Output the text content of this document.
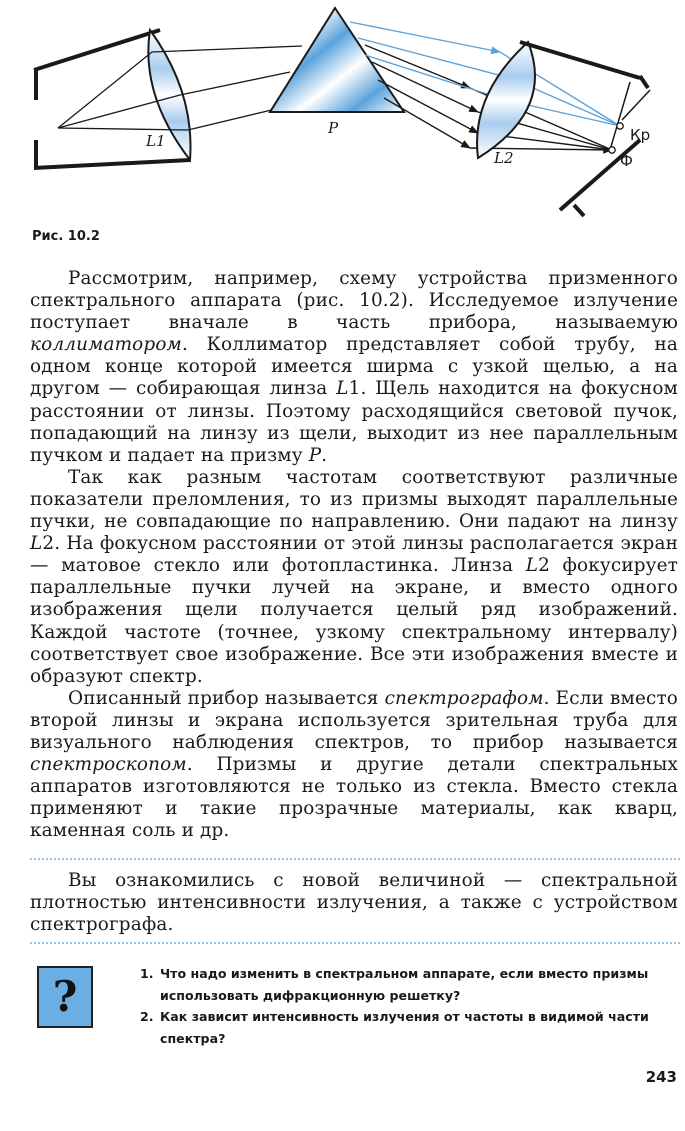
L1
P
L2
Кр
Ф
Рис. 10.2

Рассмотрим, например, схему устройства призменного спектрального аппарата (рис. 10.2). Исследуемое излучение поступает вначале в часть прибора, называемую коллиматором. Коллиматор представляет собой трубу, на одном конце которой имеется ширма с узкой щелью, а на другом — собирающая линза L1. Щель находится на фокусном расстоянии от линзы. Поэтому расходящийся световой пучок, попадающий на линзу из щели, выходит из нее параллельным пучком и падает на призму P.

Так как разным частотам соответствуют различные показатели преломления, то из призмы выходят параллельные пучки, не совпадающие по направлению. Они падают на линзу L2. На фокусном расстоянии от этой линзы располагается экран — матовое стекло или фотопластинка. Линза L2 фокусирует параллельные пучки лучей на экране, и вместо одного изображения щели получается целый ряд изображений. Каждой частоте (точнее, узкому спектральному интервалу) соответствует свое изображение. Все эти изображения вместе и образуют спектр.

Описанный прибор называется спектрографом. Если вместо второй линзы и экрана используется зрительная труба для визуального наблюдения спектров, то прибор называется спектроскопом. Призмы и другие детали спектральных аппаратов изготовляются не только из стекла. Вместо стекла применяют и такие прозрачные материалы, как кварц, каменная соль и др.

Вы ознакомились с новой величиной — спектральной плотностью интенсивности излучения, а также с устройством спектрографа.

?	1. Что надо изменить в спектральном аппарате, если вместо призмы использовать дифракционную решетку?
2. Как зависит интенсивность излучения от частоты в видимой части спектра?
243
